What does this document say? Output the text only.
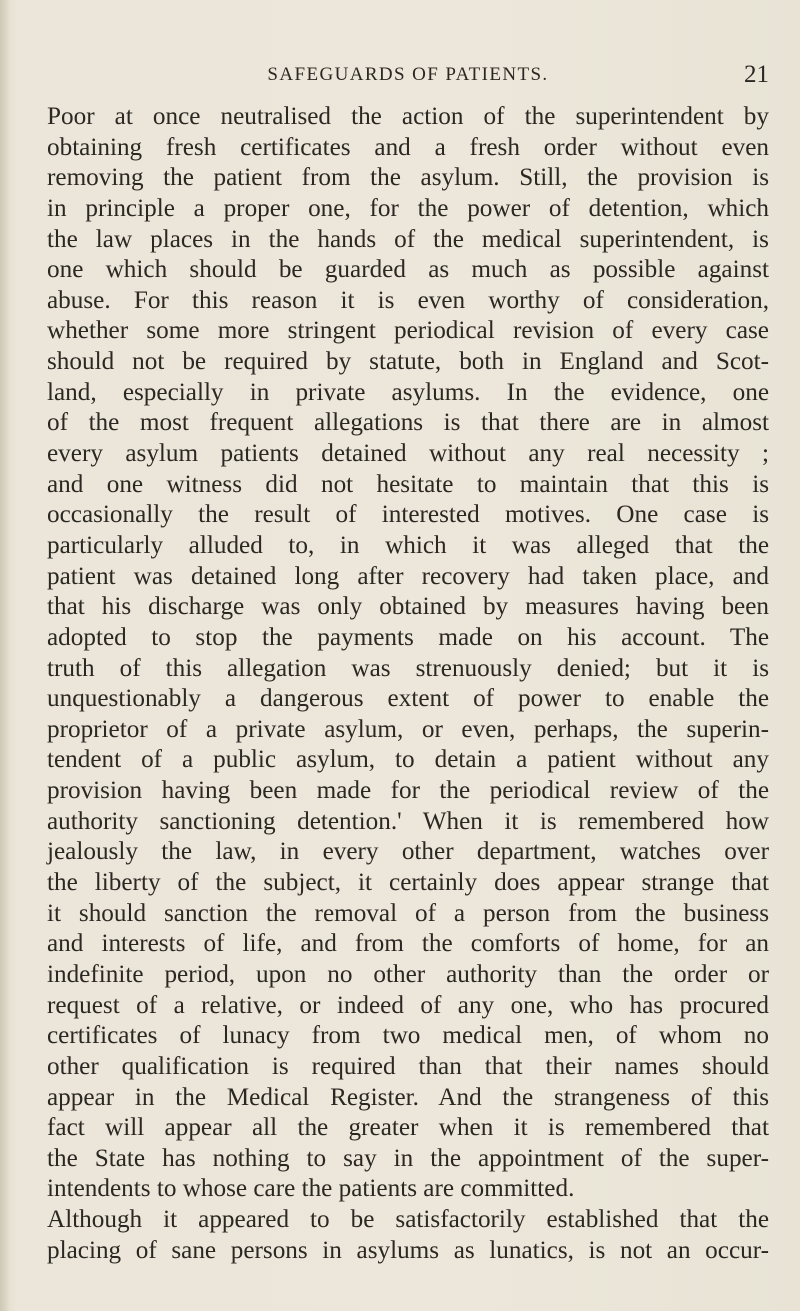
SAFEGUARDS OF PATIENTS.	21
Poor at once neutralised the action of the superintendent by
obtaining fresh certificates and a fresh order without even
removing the patient from the asylum. Still, the provision is
in principle a proper one, for the power of detention, which
the law places in the hands of the medical superintendent, is
one which should be guarded as much as possible against
abuse. For this reason it is even worthy of consideration,
whether some more stringent periodical revision of every case
should not be required by statute, both in England and Scot-
land, especially in private asylums. In the evidence, one
of the most frequent allegations is that there are in almost
every asylum patients detained without any real necessity ;
and one witness did not hesitate to maintain that this is
occasionally the result of interested motives. One case is
particularly alluded to, in which it was alleged that the
patient was detained long after recovery had taken place, and
that his discharge was only obtained by measures having been
adopted to stop the payments made on his account. The
truth of this allegation was strenuously denied; but it is
unquestionably a dangerous extent of power to enable the
proprietor of a private asylum, or even, perhaps, the superin-
tendent of a public asylum, to detain a patient without any
provision having been made for the periodical review of the
authority sanctioning detention.' When it is remembered how
jealously the law, in every other department, watches over
the liberty of the subject, it certainly does appear strange that
it should sanction the removal of a person from the business
and interests of life, and from the comforts of home, for an
indefinite period, upon no other authority than the order or
request of a relative, or indeed of any one, who has procured
certificates of lunacy from two medical men, of whom no
other qualification is required than that their names should
appear in the Medical Register. And the strangeness of this
fact will appear all the greater when it is remembered that
the State has nothing to say in the appointment of the super-
intendents to whose care the patients are committed.
Although it appeared to be satisfactorily established that the
placing of sane persons in asylums as lunatics, is not an occur-
